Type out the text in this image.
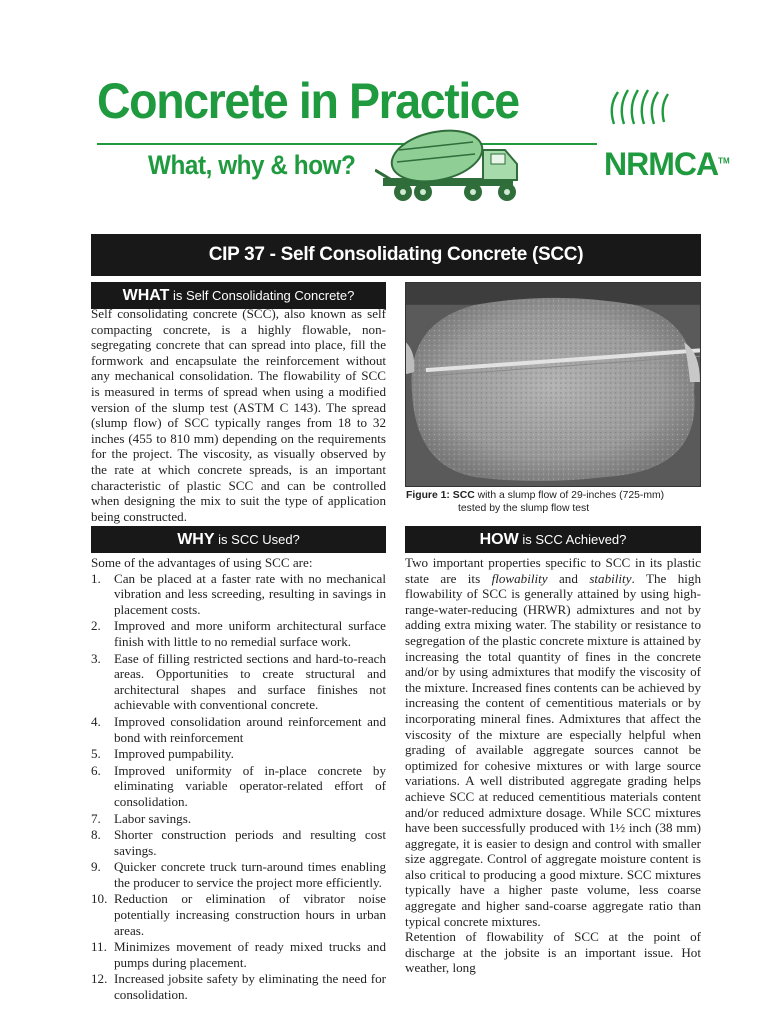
Concrete in Practice
What, why & how?	NRMCA™
CIP 37 - Self Consolidating Concrete (SCC)
WHAT is Self Consolidating Concrete?

Self consolidating concrete (SCC), also known as self compacting concrete, is a highly flowable, non-segregating concrete that can spread into place, fill the formwork and encapsulate the reinforcement without any mechanical consolidation. The flowability of SCC is measured in terms of spread when using a modified version of the slump test (ASTM C 143). The spread (slump flow) of SCC typically ranges from 18 to 32 inches (455 to 810 mm) depending on the requirements for the project. The viscosity, as visually observed by the rate at which concrete spreads, is an important characteristic of plastic SCC and can be controlled when designing the mix to suit the type of application being constructed.

Figure 1: SCC with a slump flow of 29-inches (725-mm)
tested by the slump flow test
WHY is SCC Used?

Some of the advantages of using SCC are:

1.	Can be placed at a faster rate with no mechanical vibration and less screeding, resulting in savings in placement costs.
2.	Improved and more uniform architectural surface finish with little to no remedial surface work.
3.	Ease of filling restricted sections and hard-to-reach areas. Opportunities to create structural and architectural shapes and surface finishes not achievable with conventional concrete.
4.	Improved consolidation around reinforcement and bond with reinforcement
5.	Improved pumpability.
6.	Improved uniformity of in-place concrete by eliminating variable operator-related effort of consolidation.
7.	Labor savings.
8.	Shorter construction periods and resulting cost savings.
9.	Quicker concrete truck turn-around times enabling the producer to service the project more efficiently.
10. Reduction or elimination of vibrator noise potentially increasing construction hours in urban areas.
11. Minimizes movement of ready mixed trucks and pumps during placement.
12. Increased jobsite safety by eliminating the need for consolidation.
HOW is SCC Achieved?

Two important properties specific to SCC in its plastic state are its flowability and stability. The high flowability of SCC is generally attained by using high-range-water-reducing (HRWR) admixtures and not by adding extra mixing water. The stability or resistance to segregation of the plastic concrete mixture is attained by increasing the total quantity of fines in the concrete and/or by using admixtures that modify the viscosity of the mixture. Increased fines contents can be achieved by increasing the content of cementitious materials or by incorporating mineral fines. Admixtures that affect the viscosity of the mixture are especially helpful when grading of available aggregate sources cannot be optimized for cohesive mixtures or with large source variations. A well distributed aggregate grading helps achieve SCC at reduced cementitious materials content and/or reduced admixture dosage. While SCC mixtures have been successfully produced with 1½ inch (38 mm) aggregate, it is easier to design and control with smaller size aggregate. Control of aggregate moisture content is also critical to producing a good mixture. SCC mixtures typically have a higher paste volume, less coarse aggregate and higher sand-coarse aggregate ratio than typical concrete mixtures.

Retention of flowability of SCC at the point of discharge at the jobsite is an important issue. Hot weather, long
